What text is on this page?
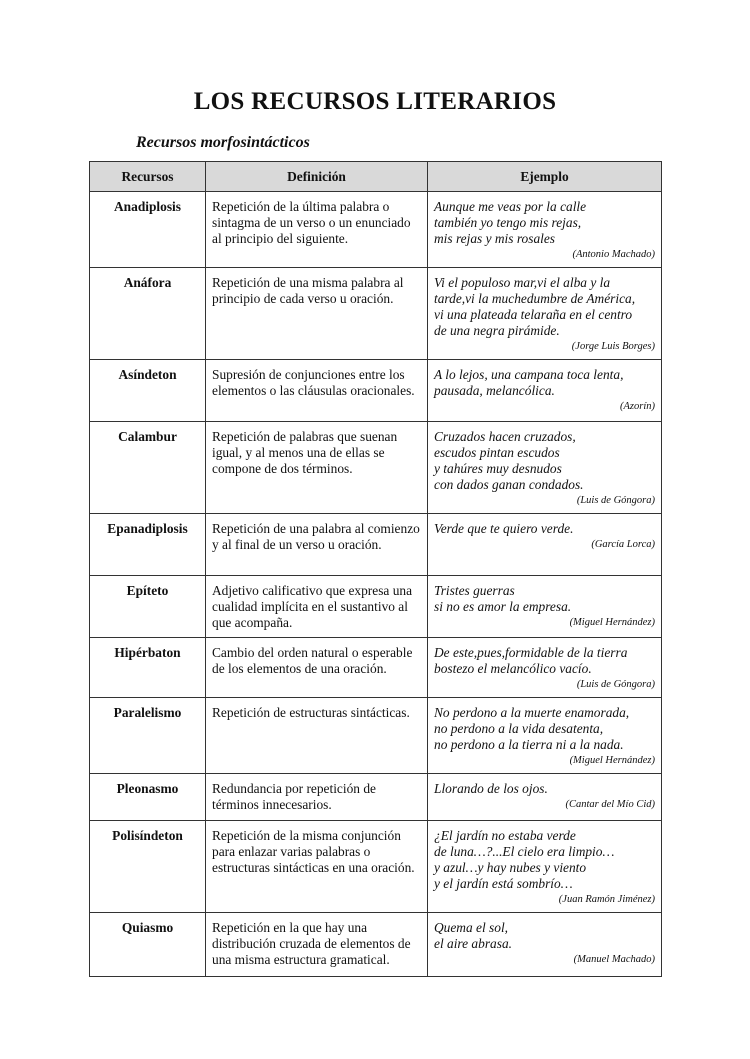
LOS RECURSOS LITERARIOS
Recursos morfosintácticos
Recursos	Definición	Ejemplo
Anadiplosis	Repetición de la última palabra o sintagma de un verso o un enunciado al principio del siguiente.	Aunque me veas por la calle
también yo tengo mis rejas,
mis rejas y mis rosales
(Antonio Machado)

Anáfora	Repetición de una misma palabra al principio de cada verso u oración.	Vi el populoso mar,vi el alba y la
tarde,vi la muchedumbre de América,
vi una plateada telaraña en el centro
de una negra pirámide.
(Jorge Luis Borges)

Asíndeton	Supresión de conjunciones entre los elementos o las cláusulas oracionales.	A lo lejos, una campana toca lenta,
pausada, melancólica.
(Azorín)

Calambur	Repetición de palabras que suenan igual, y al menos una de ellas se compone de dos términos.	Cruzados hacen cruzados,
escudos pintan escudos
y tahúres muy desnudos
con dados ganan condados.
(Luis de Góngora)

Epanadiplosis	Repetición de una palabra al comienzo y al final de un verso u oración.	Verde que te quiero verde.
(García Lorca)

Epíteto	Adjetivo calificativo que expresa una cualidad implícita en el sustantivo al que acompaña.	Tristes guerras
si no es amor la empresa.
(Miguel Hernández)

Hipérbaton	Cambio del orden natural o esperable de los elementos de una oración.	De este,pues,formidable de la tierra
bostezo el melancólico vacío.
(Luis de Góngora)

Paralelismo	Repetición de estructuras sintácticas.	No perdono a la muerte enamorada,
no perdono a la vida desatenta,
no perdono a la tierra ni a la nada.
(Miguel Hernández)

Pleonasmo	Redundancia por repetición de términos innecesarios.	Llorando de los ojos.
(Cantar del Mío Cid)

Polisíndeton	Repetición de la misma conjunción para enlazar varias palabras o estructuras sintácticas en una oración.	¿El jardín no estaba verde
de luna…?...El cielo era limpio…
y azul…y hay nubes y viento
y el jardín está sombrío…
(Juan Ramón Jiménez)

Quiasmo	Repetición en la que hay una distribución cruzada de elementos de una misma estructura gramatical.	Quema el sol,
el aire abrasa.
(Manuel Machado)
